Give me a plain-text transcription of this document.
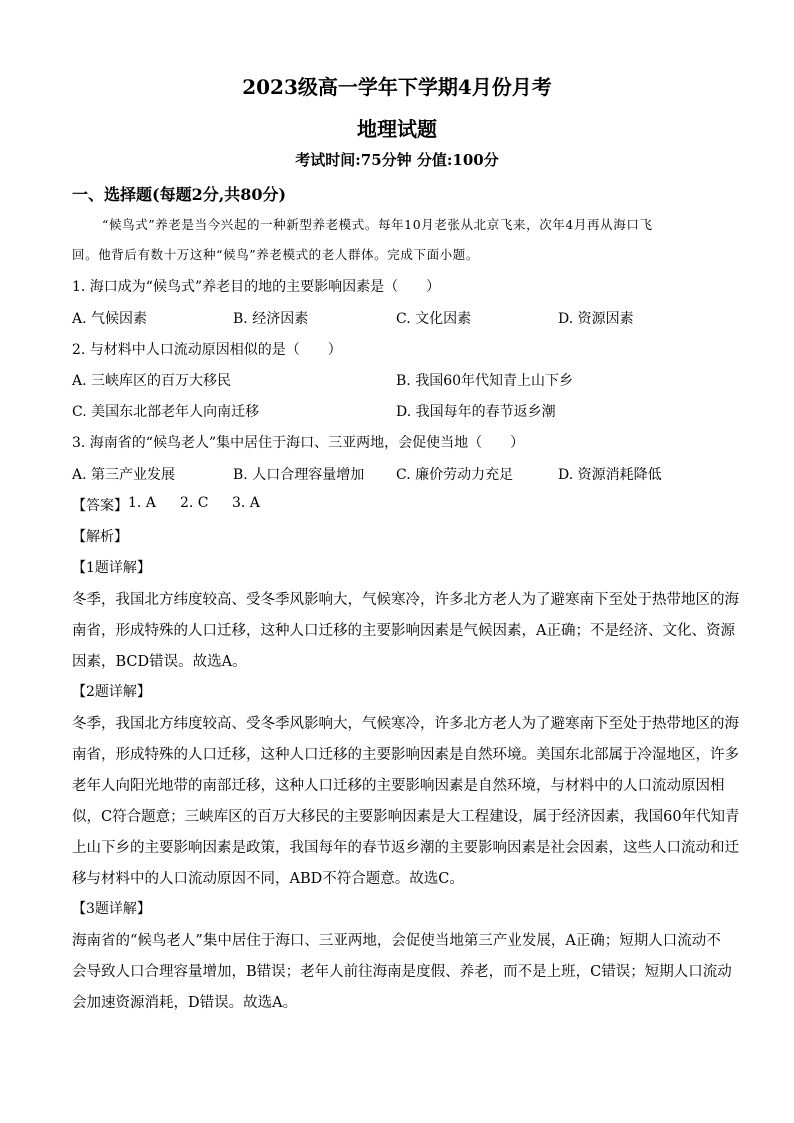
2023级高一学年下学期4月份月考
地理试题
考试时间:75分钟 分值:100分
一、选择题(每题2分,共80分)
“候鸟式”养老是当今兴起的一种新型养老模式。每年10月老张从北京飞来，次年4月再从海口飞
回。他背后有数十万这种“候鸟”养老模式的老人群体。完成下面小题。
1. 海口成为“候鸟式”养老目的地的主要影响因素是（　　）
A. 气候因素	B. 经济因素	C. 文化因素	D. 资源因素
2. 与材料中人口流动原因相似的是（　　）
A. 三峡库区的百万大移民	B. 我国60年代知青上山下乡
C. 美国东北部老年人向南迁移	D. 我国每年的春节返乡潮
3. 海南省的“候鸟老人”集中居住于海口、三亚两地，会促使当地（　　）
A. 第三产业发展	B. 人口合理容量增加 C. 廉价劳动力充足	D. 资源消耗降低
【答案】 1. A 2. C 3. A
【解析】
【1题详解】
冬季，我国北方纬度较高、受冬季风影响大，气候寒冷，许多北方老人为了避寒南下至处于热带地区的海
南省，形成特殊的人口迁移，这种人口迁移的主要影响因素是气候因素，A正确；不是经济、文化、资源
因素，BCD错误。故选A。
【2题详解】
冬季，我国北方纬度较高、受冬季风影响大，气候寒冷，许多北方老人为了避寒南下至处于热带地区的海
南省，形成特殊的人口迁移，这种人口迁移的主要影响因素是自然环境。美国东北部属于冷湿地区，许多
老年人向阳光地带的南部迁移，这种人口迁移的主要影响因素是自然环境，与材料中的人口流动原因相
似，C符合题意；三峡库区的百万大移民的主要影响因素是大工程建设，属于经济因素，我国60年代知青
上山下乡的主要影响因素是政策，我国每年的春节返乡潮的主要影响因素是社会因素，这些人口流动和迁
移与材料中的人口流动原因不同，ABD不符合题意。故选C。
【3题详解】
海南省的“候鸟老人”集中居住于海口、三亚两地，会促使当地第三产业发展，A正确；短期人口流动不
会导致人口合理容量增加，B错误；老年人前往海南是度假、养老，而不是上班，C错误；短期人口流动
会加速资源消耗，D错误。故选A。
